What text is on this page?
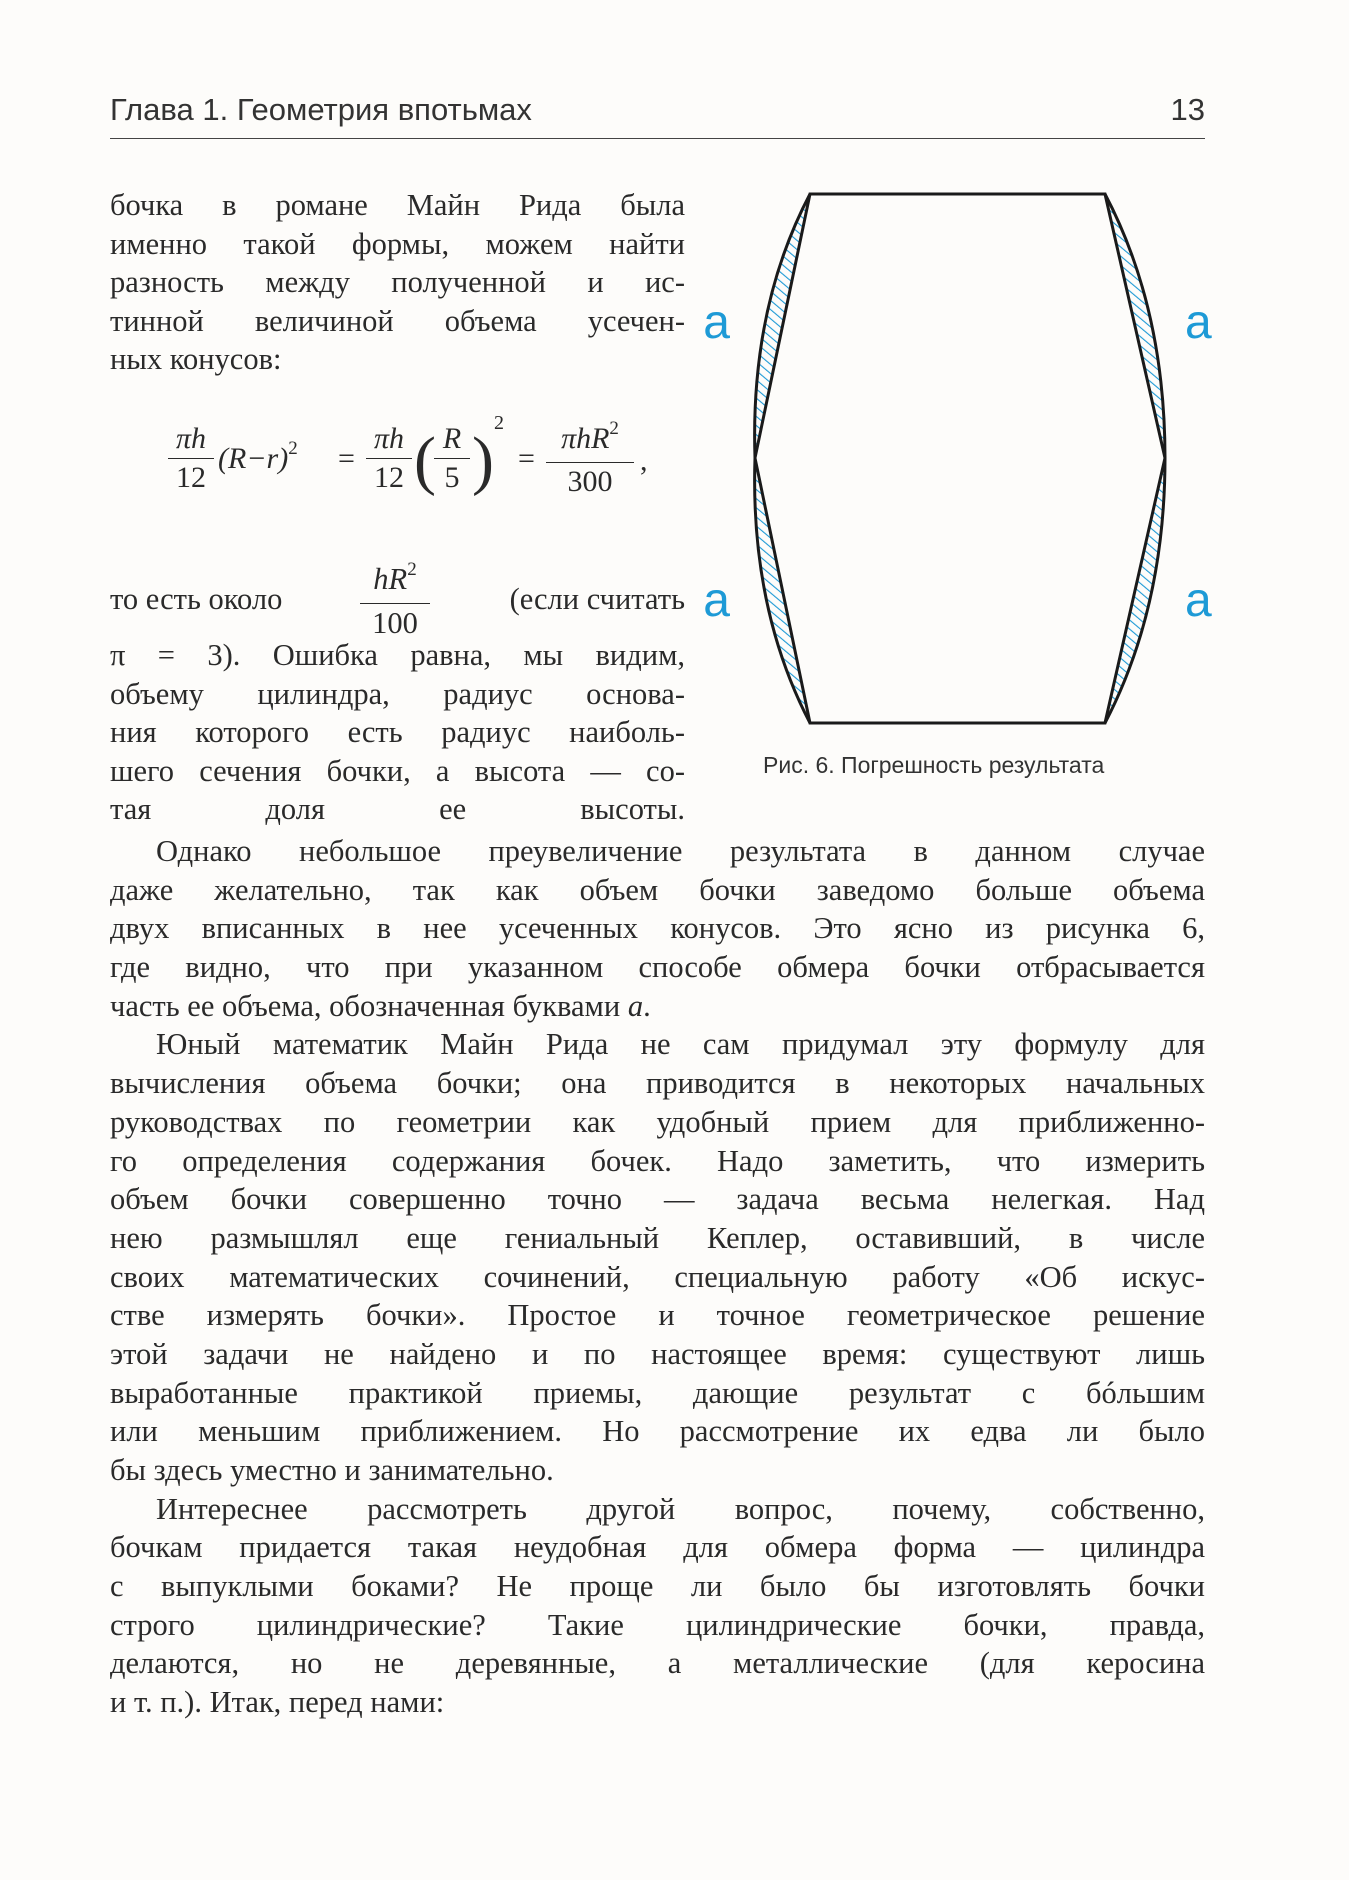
Глава 1. Геометрия впотьмах	13
бочка в романе Майн Рида была
именно такой формы, можем найти
разность между полученной и ис-
тинной величиной объема усечен-
ных конусов:
$\frac{\pi h}{12} (R-r)^2 = \frac{\pi h}{12}$ (
$\frac{R}{5}$ )
2
=
πhR$^2$
300
,
то есть около	$\frac{hR^2}{100}$	(если считать
π = 3). Ошибка равна, мы видим,
объему цилиндра, радиус основа-
ния которого есть радиус наиболь-
шего сечения бочки, а высота — со-
тая доля ее высоты.
a	a
a	a
Рис. 6. Погрешность результата
Однако небольшое преувеличение результата в данном случае
даже желательно, так как объем бочки заведомо больше объема
двух вписанных в нее усеченных конусов. Это ясно из рисунка 6,
где видно, что при указанном способе обмера бочки отбрасывается
часть ее объема, обозначенная буквами a.
Юный математик Майн Рида не сам придумал эту формулу для
вычисления объема бочки; она приводится в некоторых начальных
руководствах по геометрии как удобный прием для приближенно-
го определения содержания бочек. Надо заметить, что измерить
объем бочки совершенно точно — задача весьма нелегкая. Над
нею размышлял еще гениальный Кеплер, оставивший, в числе
своих математических сочинений, специальную работу «Об искус-
стве измерять бочки». Простое и точное геометрическое решение
этой задачи не найдено и по настоящее время: существуют лишь
выработанные практикой приемы, дающие результат с бóльшим
или меньшим приближением. Но рассмотрение их едва ли было
бы здесь уместно и занимательно.
Интереснее рассмотреть другой вопрос, почему, собственно,
бочкам придается такая неудобная для обмера форма — цилиндра
с выпуклыми боками? Не проще ли было бы изготовлять бочки
строго цилиндрические? Такие цилиндрические бочки, правда,
делаются, но не деревянные, а металлические (для керосина
и т. п.). Итак, перед нами:
